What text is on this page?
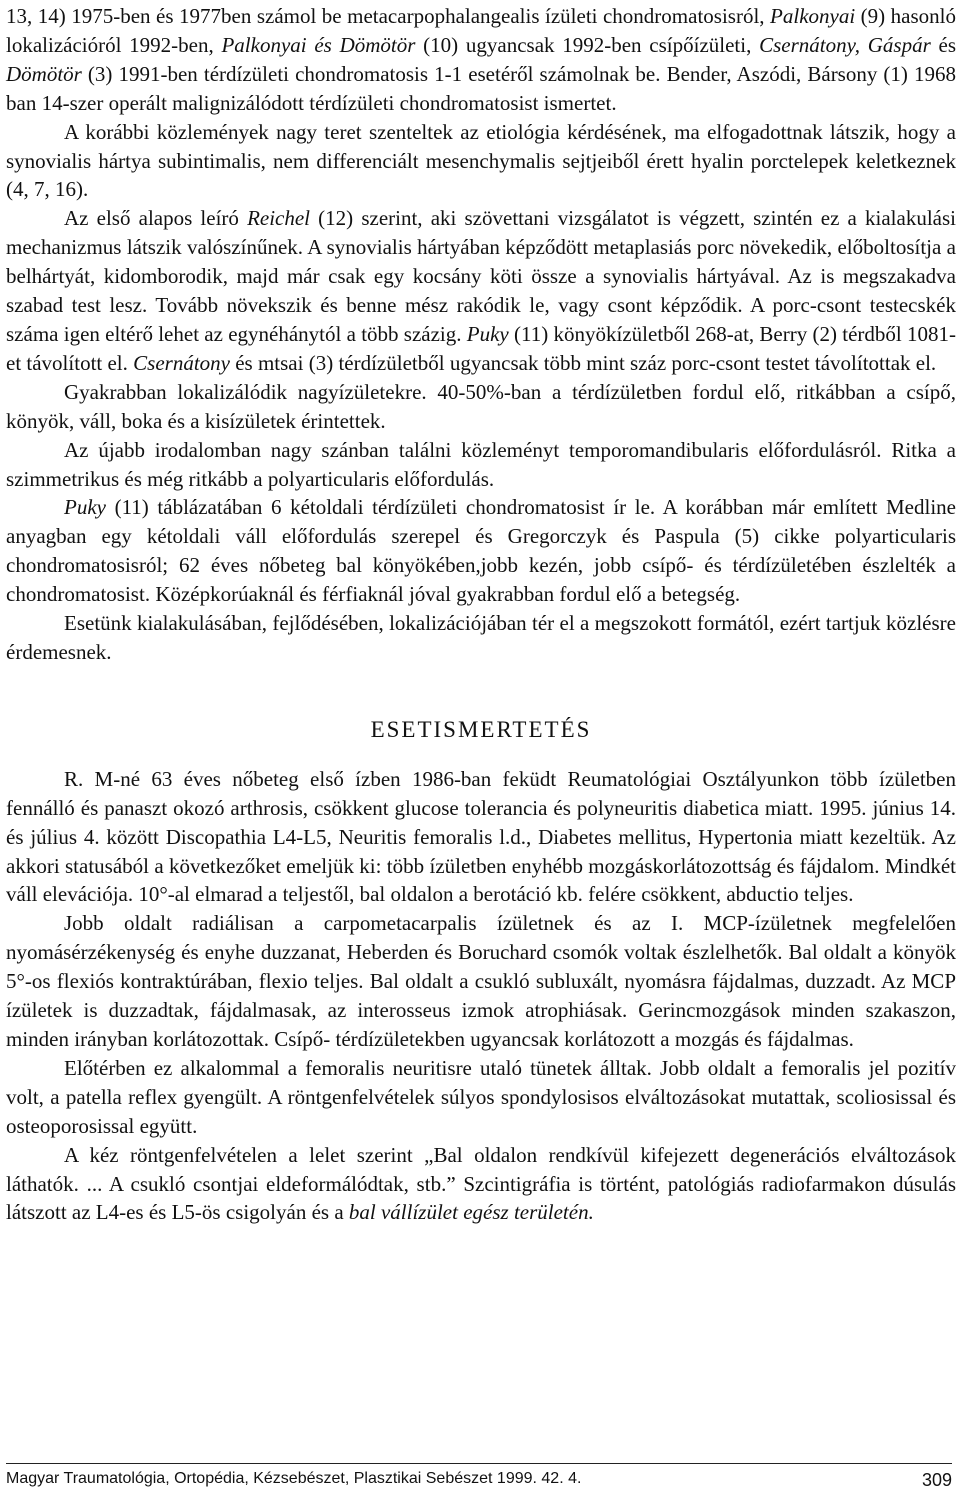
13, 14) 1975-ben és 1977ben számol be metacarpophalangealis ízületi chondromatosisról, Palkonyai (9) hasonló lokalizációról 1992-ben, Palkonyai és Dömötör (10) ugyancsak 1992-ben csípőízületi, Csernátony, Gáspár és Dömötör (3) 1991-ben térdízületi chondromatosis 1-1 esetéről számolnak be. Bender, Aszódi, Bársony (1) 1968 ban 14-szer operált malignizálódott térdízületi chondromatosist ismertet.

A korábbi közlemények nagy teret szenteltek az etiológia kérdésének, ma elfogadottnak látszik, hogy a synovialis hártya subintimalis, nem differenciált mesenchymalis sejtjeiből érett hyalin porctelepek keletkeznek (4, 7, 16).

Az első alapos leíró Reichel (12) szerint, aki szövettani vizsgálatot is végzett, szintén ez a kialakulási mechanizmus látszik valószínűnek. A synovialis hártyában képződött metaplasiás porc növekedik, előboltosítja a belhártyát, kidomborodik, majd már csak egy kocsány köti össze a synovialis hártyával. Az is megszakadva szabad test lesz. Tovább növekszik és benne mész rakódik le, vagy csont képződik. A porc-csont testecskék száma igen eltérő lehet az egynéhánytól a több százig. Puky (11) könyökízületből 268-at, Berry (2) térdből 1081-et távolított el. Csernátony és mtsai (3) térdízületből ugyancsak több mint száz porc-csont testet távolítottak el.

Gyakrabban lokalizálódik nagyízületekre. 40-50%-ban a térdízületben fordul elő, ritkábban a csípő, könyök, váll, boka és a kisízületek érintettek.

Az újabb irodalomban nagy szánban találni közleményt temporomandibularis előfordulásról. Ritka a szimmetrikus és még ritkább a polyarticularis előfordulás.

Puky (11) táblázatában 6 kétoldali térdízületi chondromatosist ír le. A korábban már említett Medline anyagban egy kétoldali váll előfordulás szerepel és Gregorczyk és Paspula (5) cikke polyarticularis chondromatosisról; 62 éves nőbeteg bal könyökében,jobb kezén, jobb csípő- és térdízületében észlelték a chondromatosist. Középkorúaknál és férfiaknál jóval gyakrabban fordul elő a betegség.

Esetünk kialakulásában, fejlődésében, lokalizációjában tér el a megszokott formától, ezért tartjuk közlésre érdemesnek.

ESETISMERTETÉS

R. M-né 63 éves nőbeteg első ízben 1986-ban feküdt Reumatológiai Osztályunkon több ízületben fennálló és panaszt okozó arthrosis, csökkent glucose tolerancia és polyneuritis diabetica miatt. 1995. június 14. és július 4. között Discopathia L4-L5, Neuritis femoralis l.d., Diabetes mellitus, Hypertonia miatt kezeltük. Az akkori statusából a következőket emeljük ki: több ízületben enyhébb mozgáskorlátozottság és fájdalom. Mindkét váll elevációja. 10°-al elmarad a teljestől, bal oldalon a berotáció kb. felére csökkent, abductio teljes.

Jobb oldalt radiálisan a carpometacarpalis ízületnek és az I. MCP-ízületnek megfelelően nyomásérzékenység és enyhe duzzanat, Heberden és Boruchard csomók voltak észlelhetők. Bal oldalt a könyök 5°-os flexiós kontraktúrában, flexio teljes. Bal oldalt a csukló subluxált, nyomásra fájdalmas, duzzadt. Az MCP ízületek is duzzadtak, fájdalmasak, az interosseus izmok atrophiásak. Gerincmozgások minden szakaszon, minden irányban korlátozottak. Csípő- térdízületekben ugyancsak korlátozott a mozgás és fájdalmas.

Előtérben ez alkalommal a femoralis neuritisre utaló tünetek álltak. Jobb oldalt a femoralis jel pozitív volt, a patella reflex gyengült. A röntgenfelvételek súlyos spondylosisos elváltozásokat mutattak, scoliosissal és osteoporosissal együtt.

A kéz röntgenfelvételen a lelet szerint „Bal oldalon rendkívül kifejezett degenerációs elváltozások láthatók. ... A csukló csontjai eldeformálódtak, stb.” Szcintigráfia is történt, patológiás radiofarmakon dúsulás látszott az L4-es és L5-ös csigolyán és a bal vállízület egész területén.

Magyar Traumatológia, Ortopédia, Kézsebészet, Plasztikai Sebészet 1999. 42. 4.	309
